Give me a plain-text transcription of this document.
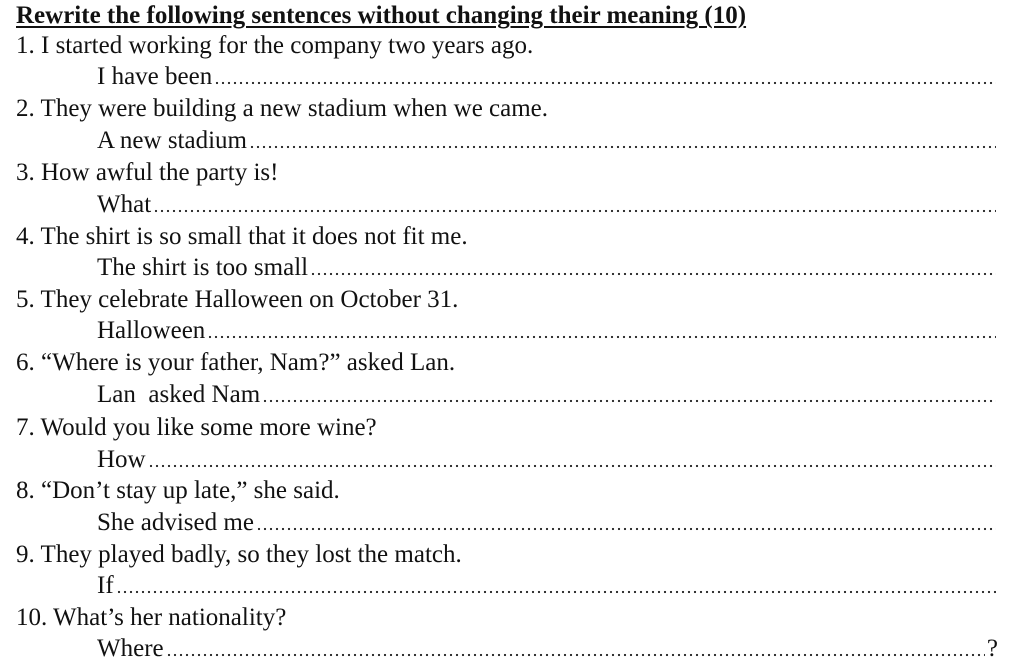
Rewrite the following sentences without changing their meaning (10)
1. I started working for the company two years ago.
I have been
2. They were building a new stadium when we came.
A new stadium
3. How awful the party is!
What
4. The shirt is so small that it does not fit me.
The shirt is too small
5. They celebrate Halloween on October 31.
Halloween
6. “Where is your father, Nam?” asked Lan.
Lan  asked Nam
7. Would you like some more wine?
How
8. “Don’t stay up late,” she said.
She advised me
9. They played badly, so they lost the match.
If
10. What’s her nationality?
Where	?
